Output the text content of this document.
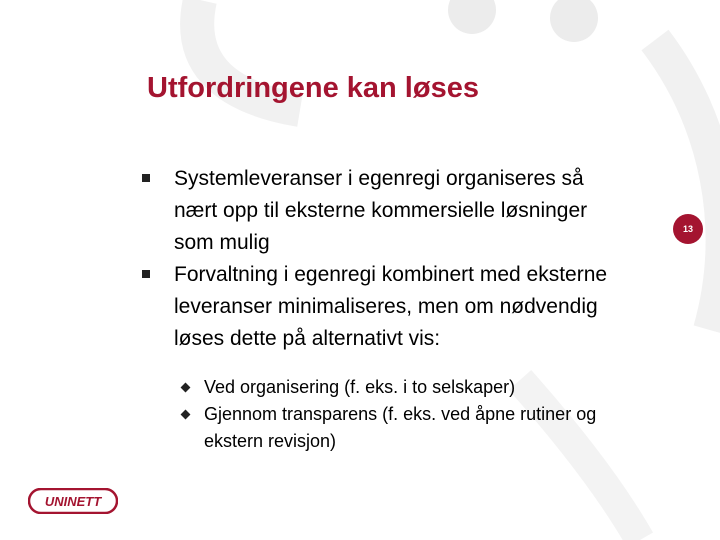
Utfordringene kan løses
Systemleveranser i egenregi organiseres så nært opp til eksterne kommersielle løsninger som mulig
Forvaltning i egenregi kombinert med eksterne leveranser minimaliseres, men om nødvendig løses dette på alternativt vis:
Ved organisering (f. eks. i to selskaper)
Gjennom transparens (f. eks. ved åpne rutiner og ekstern revisjon)
13
UNINETT
